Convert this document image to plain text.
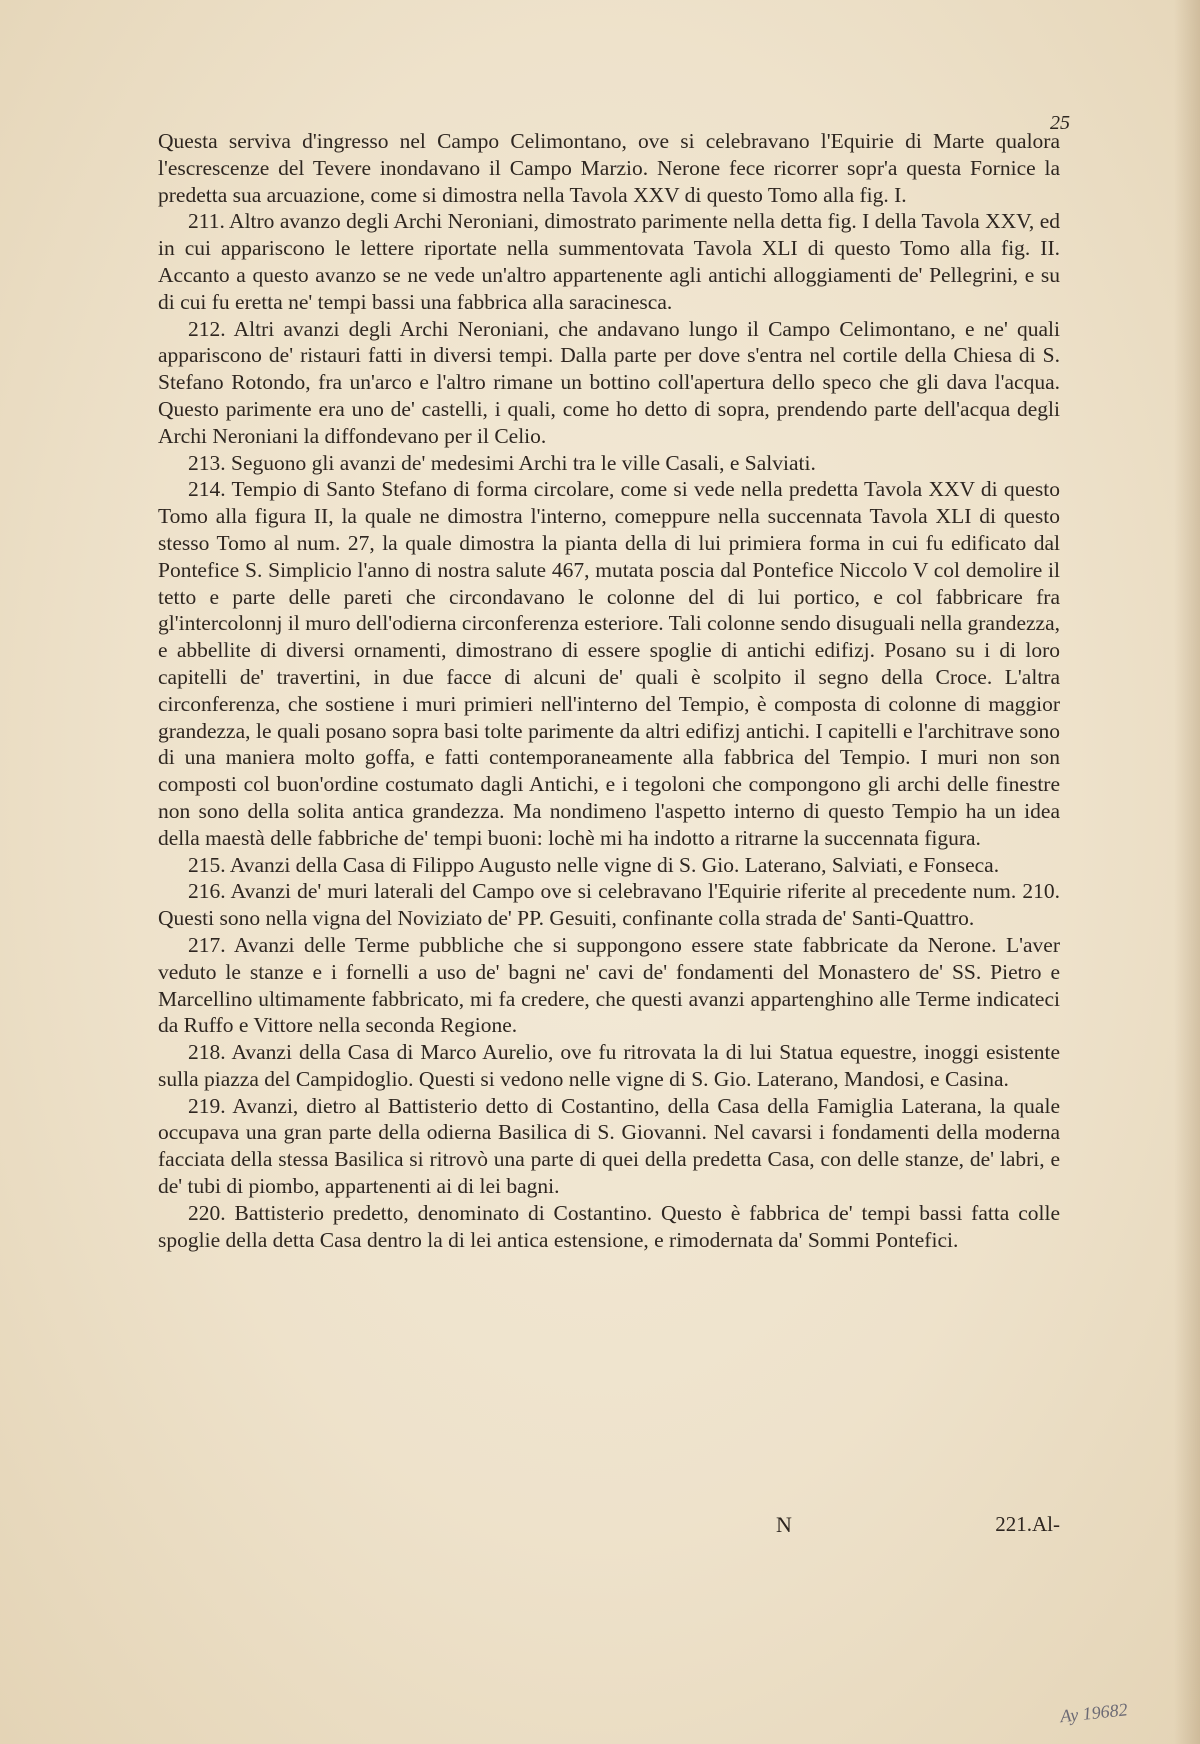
25

Questa serviva d'ingresso nel Campo Celimontano, ove si celebravano l'Equirie di Marte qualora l'escrescenze del Tevere inondavano il Campo Marzio. Nerone fece ricorrer sopr'a questa Fornice la predetta sua arcuazione, come si dimostra nella Tavola XXV di questo Tomo alla fig. I.

211. Altro avanzo degli Archi Neroniani, dimostrato parimente nella detta fig. I della Tavola XXV, ed in cui appariscono le lettere riportate nella summentovata Tavola XLI di questo Tomo alla fig. II. Accanto a questo avanzo se ne vede un'altro appartenente agli antichi alloggiamenti de' Pellegrini, e su di cui fu eretta ne' tempi bassi una fabbrica alla saracinesca.

212. Altri avanzi degli Archi Neroniani, che andavano lungo il Campo Celimontano, e ne' quali appariscono de' ristauri fatti in diversi tempi. Dalla parte per dove s'entra nel cortile della Chiesa di S. Stefano Rotondo, fra un'arco e l'altro rimane un bottino coll'apertura dello speco che gli dava l'acqua. Questo parimente era uno de' castelli, i quali, come ho detto di sopra, prendendo parte dell'acqua degli Archi Neroniani la diffondevano per il Celio.

213. Seguono gli avanzi de' medesimi Archi tra le ville Casali, e Salviati.

214. Tempio di Santo Stefano di forma circolare, come si vede nella predetta Tavola XXV di questo Tomo alla figura II, la quale ne dimostra l'interno, comeppure nella succennata Tavola XLI di questo stesso Tomo al num. 27, la quale dimostra la pianta della di lui primiera forma in cui fu edificato dal Pontefice S. Simplicio l'anno di nostra salute 467, mutata poscia dal Pontefice Niccolo V col demolire il tetto e parte delle pareti che circondavano le colonne del di lui portico, e col fabbricare fra gl'intercolonnj il muro dell'odierna circonferenza esteriore. Tali colonne sendo disuguali nella grandezza, e abbellite di diversi ornamenti, dimostrano di essere spoglie di antichi edifizj. Posano su i di loro capitelli de' travertini, in due facce di alcuni de' quali è scolpito il segno della Croce. L'altra circonferenza, che sostiene i muri primieri nell'interno del Tempio, è composta di colonne di maggior grandezza, le quali posano sopra basi tolte parimente da altri edifizj antichi. I capitelli e l'architrave sono di una maniera molto goffa, e fatti contemporaneamente alla fabbrica del Tempio. I muri non son composti col buon'ordine costumato dagli Antichi, e i tegoloni che compongono gli archi delle finestre non sono della solita antica grandezza. Ma nondimeno l'aspetto interno di questo Tempio ha un idea della maestà delle fabbriche de' tempi buoni: lochè mi ha indotto a ritrarne la succennata figura.

215. Avanzi della Casa di Filippo Augusto nelle vigne di S. Gio. Laterano, Salviati, e Fonseca.

216. Avanzi de' muri laterali del Campo ove si celebravano l'Equirie riferite al precedente num. 210. Questi sono nella vigna del Noviziato de' PP. Gesuiti, confinante colla strada de' Santi-Quattro.

217. Avanzi delle Terme pubbliche che si suppongono essere state fabbricate da Nerone. L'aver veduto le stanze e i fornelli a uso de' bagni ne' cavi de' fondamenti del Monastero de' SS. Pietro e Marcellino ultimamente fabbricato, mi fa credere, che questi avanzi appartenghino alle Terme indicateci da Ruffo e Vittore nella seconda Regione.

218. Avanzi della Casa di Marco Aurelio, ove fu ritrovata la di lui Statua equestre, inoggi esistente sulla piazza del Campidoglio. Questi si vedono nelle vigne di S. Gio. Laterano, Mandosi, e Casina.

219. Avanzi, dietro al Battisterio detto di Costantino, della Casa della Famiglia Laterana, la quale occupava una gran parte della odierna Basilica di S. Giovanni. Nel cavarsi i fondamenti della moderna facciata della stessa Basilica si ritrovò una parte di quei della predetta Casa, con delle stanze, de' labri, e de' tubi di piombo, appartenenti ai di lei bagni.

220. Battisterio predetto, denominato di Costantino. Questo è fabbrica de' tempi bassi fatta colle spoglie della detta Casa dentro la di lei antica estensione, e rimodernata da' Sommi Pontefici.

N	221.Al-
Ay 19682
